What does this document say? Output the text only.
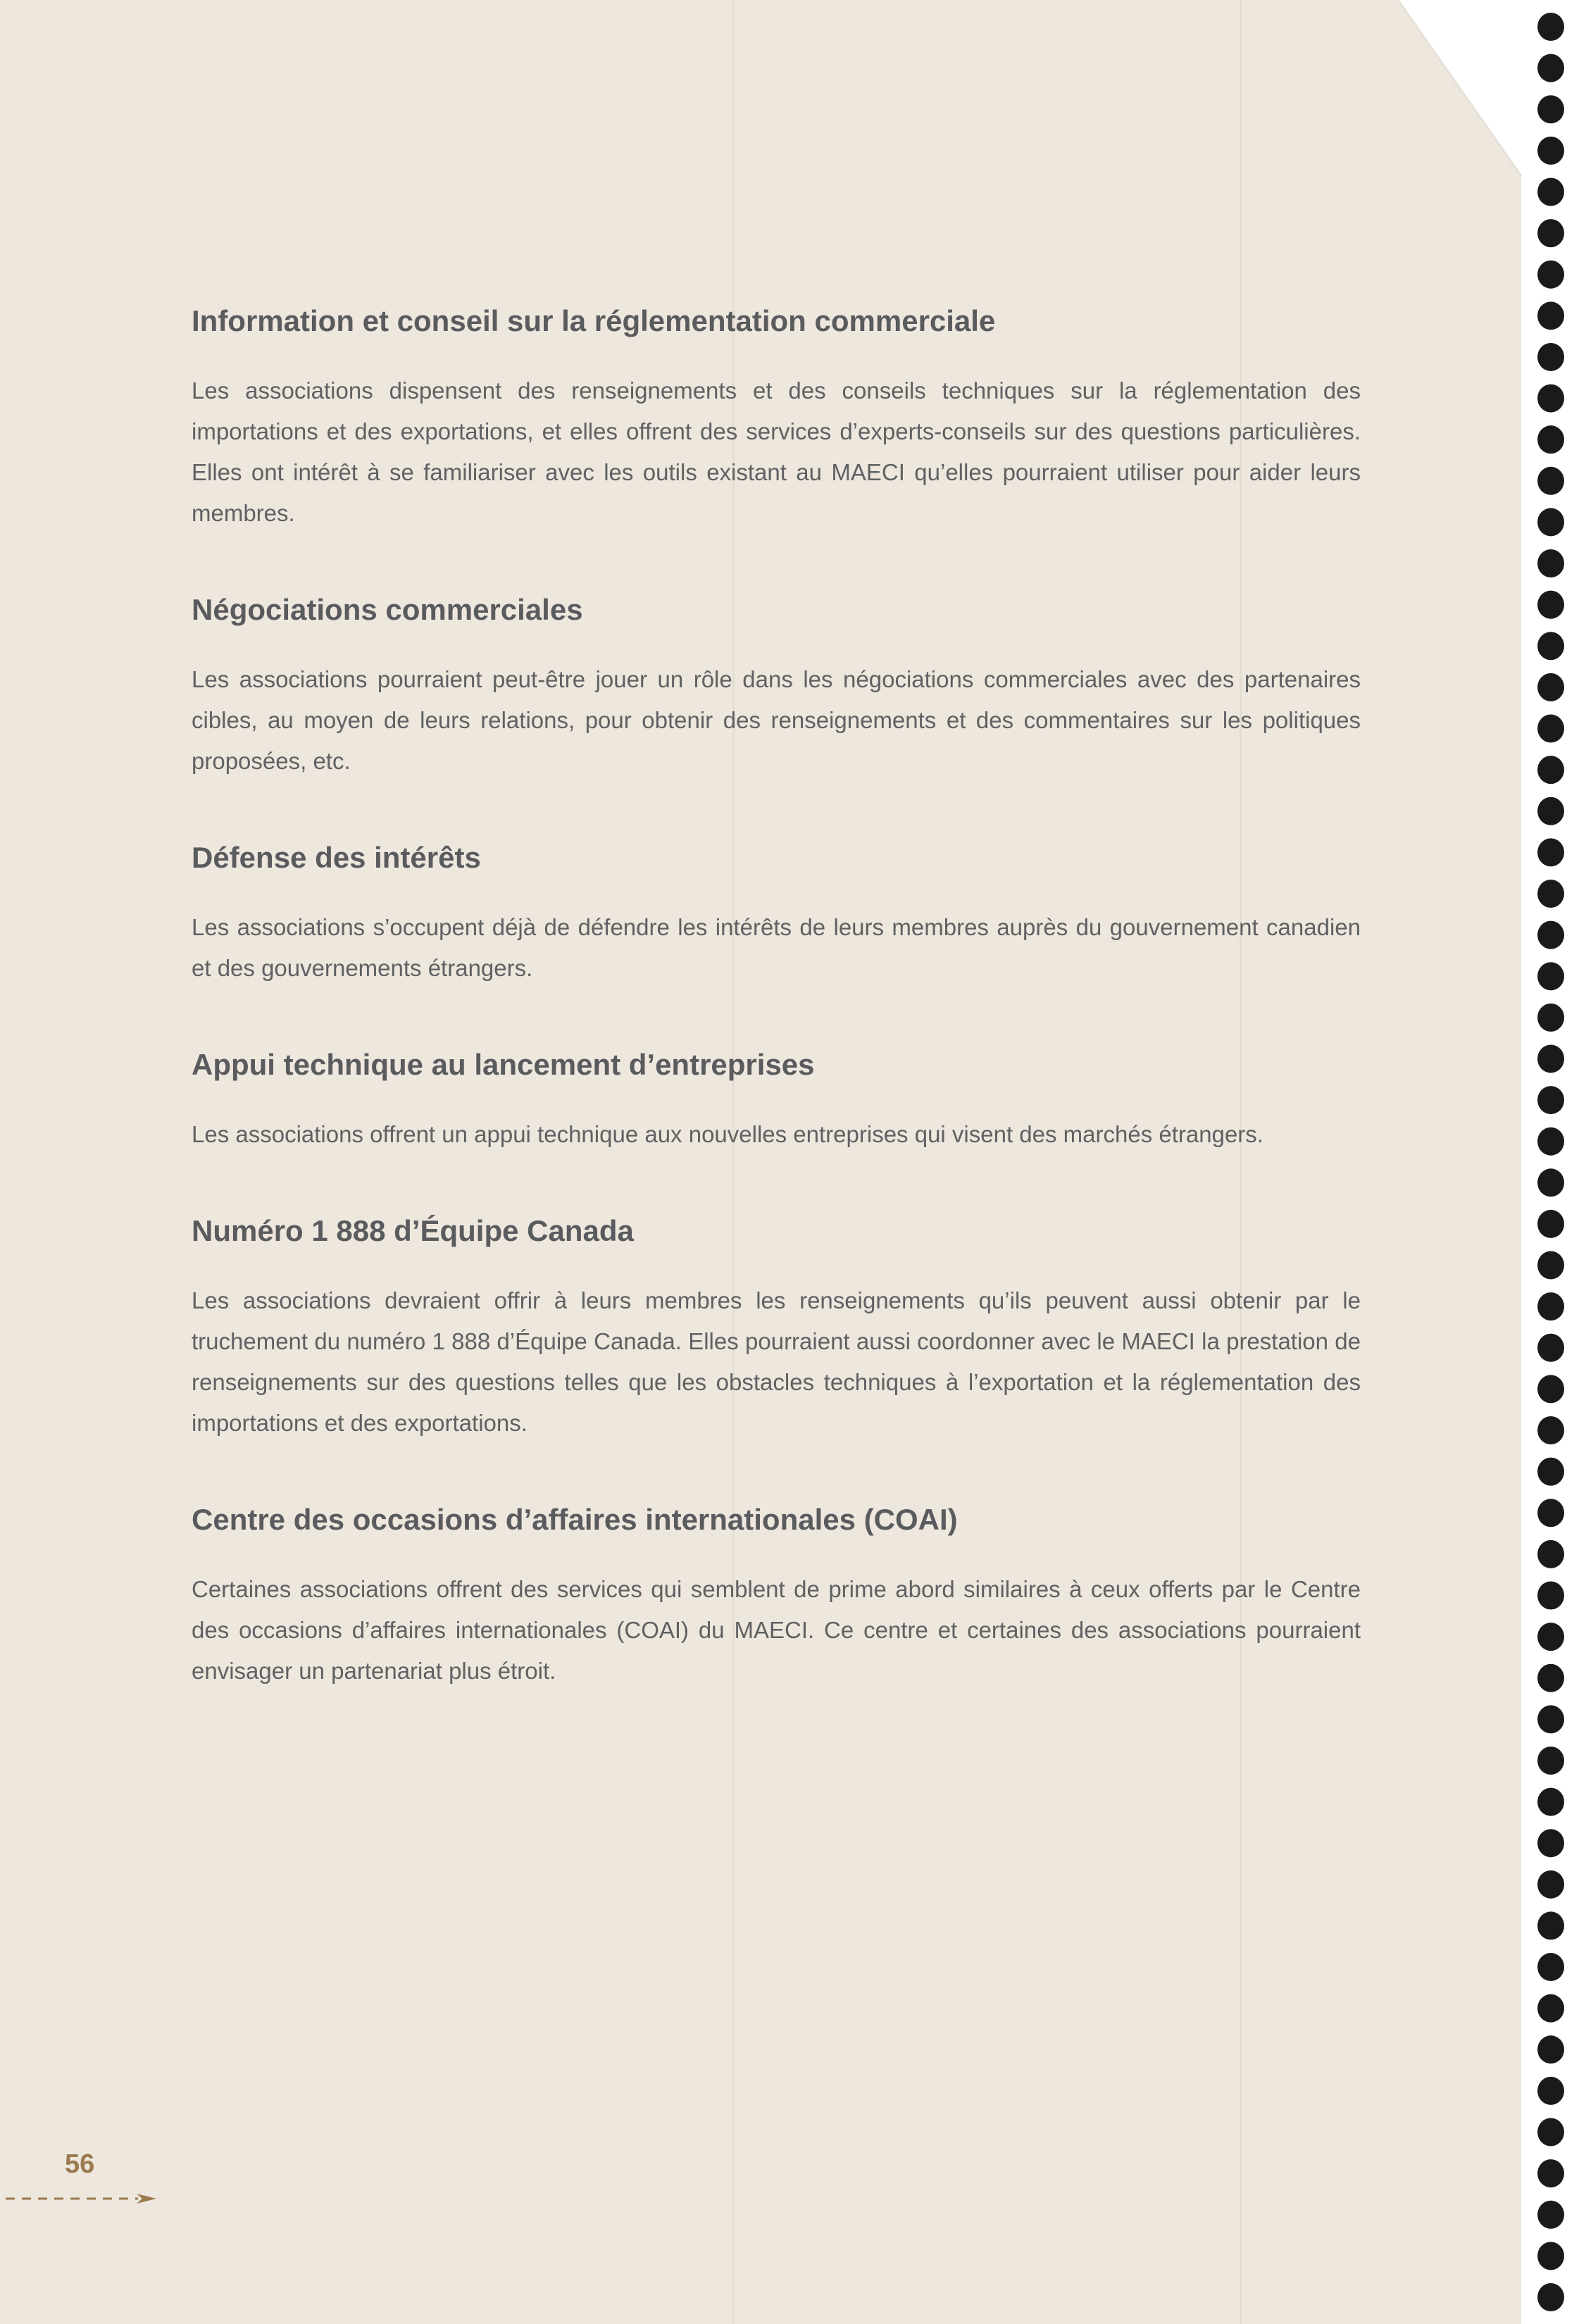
Information et conseil sur la réglementation commerciale

Les associations dispensent des renseignements et des conseils techniques sur la réglementation des importations et des exportations, et elles offrent des services d’experts-conseils sur des questions particulières. Elles ont intérêt à se familiariser avec les outils existant au MAECI qu’elles pourraient utiliser pour aider leurs membres.

Négociations commerciales

Les associations pourraient peut-être jouer un rôle dans les négociations commerciales avec des partenaires cibles, au moyen de leurs relations, pour obtenir des renseignements et des commentaires sur les politiques proposées, etc.

Défense des intérêts

Les associations s’occupent déjà de défendre les intérêts de leurs membres auprès du gouvernement canadien et des gouvernements étrangers.

Appui technique au lancement d’entreprises

Les associations offrent un appui technique aux nouvelles entreprises qui visent des marchés étrangers.

Numéro 1 888 d’Équipe Canada

Les associations devraient offrir à leurs membres les renseignements qu’ils peuvent aussi obtenir par le truchement du numéro 1 888 d’Équipe Canada. Elles pourraient aussi coordonner avec le MAECI la prestation de renseignements sur des questions telles que les obstacles techniques à l’exportation et la réglementation des importations et des exportations.

Centre des occasions d’affaires internationales (COAI)

Certaines associations offrent des services qui semblent de prime abord similaires à ceux offerts par le Centre des occasions d’affaires internationales (COAI) du MAECI. Ce centre et certaines des associations pourraient envisager un partenariat plus étroit.

56
